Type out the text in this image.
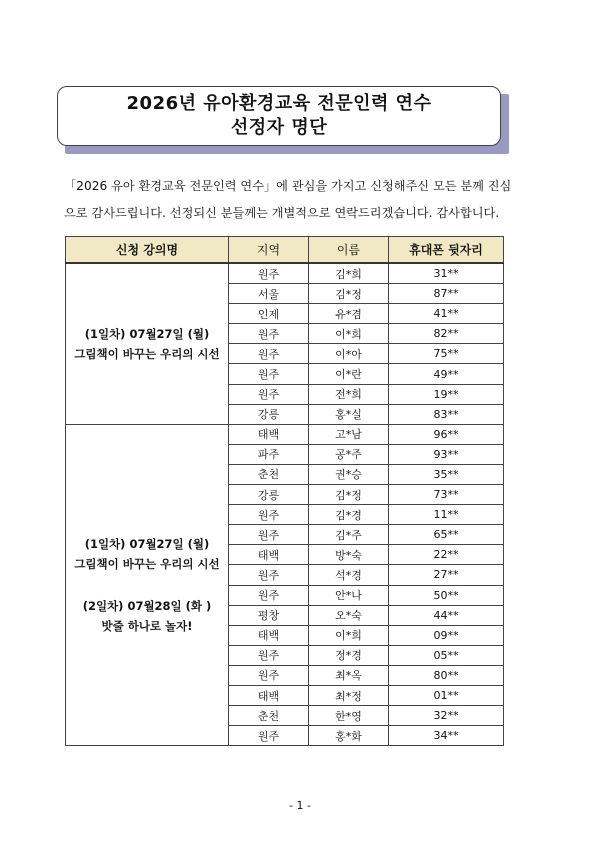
2026년 유아환경교육 전문인력 연수
선정자 명단

「2026 유아 환경교육 전문인력 연수」에 관심을 가지고 신청해주신 모든 분께 진심

으로 감사드립니다. 선정되신 분들께는 개별적으로 연락드리겠습니다. 감사합니다.

신청 강의명	지역	이름	휴대폰 뒷자리

(1일차) 07월27일 (월)
그림책이 바꾸는 우리의 시선	원주	김*희	31**
	서울	김*정	87**
	인제	유*겸	41**
	원주	이*희	82**
	원주	이*아	75**
	원주	이*란	49**
	원주	전*희	19**
	강릉	홍*실	83**

(1일차) 07월27일 (월)
그림책이 바꾸는 우리의 시선
(2일차) 07월28일 (화 )
밧줄 하나로 놀자!	태백	고*남	96**
	파주	공*주	93**
	춘천	권*승	35**
	강릉	김*정	73**
	원주	김*경	11**
	원주	김*주	65**
	태백	방*숙	22**
	원주	석*경	27**
	원주	안*나	50**
	평창	오*숙	44**
	태백	이*희	09**
	원주	정*경	05**
	원주	최*옥	80**
	태백	최*정	01**
	춘천	한*영	32**
	원주	홍*화	34**
- 1 -
